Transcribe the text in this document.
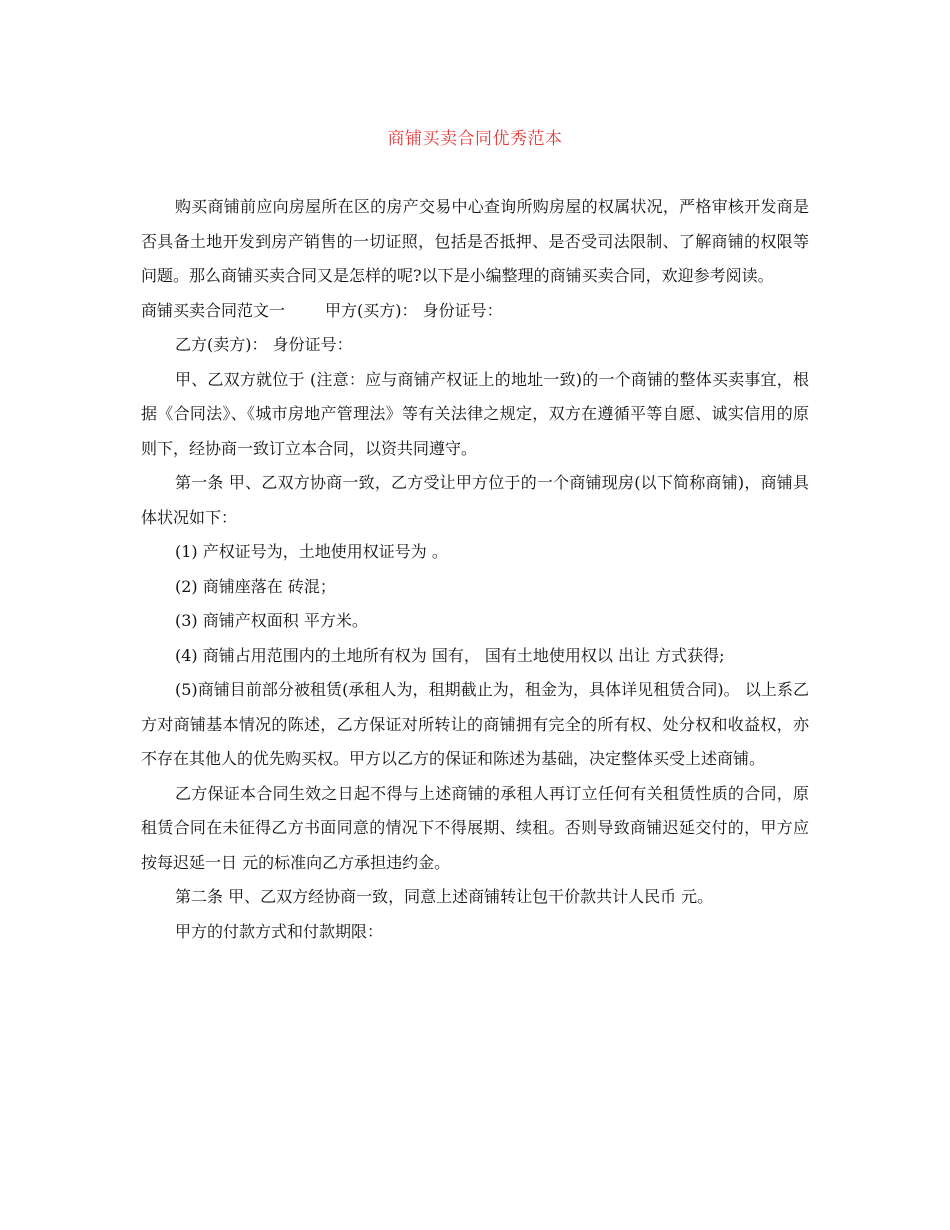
商铺买卖合同优秀范本

购买商铺前应向房屋所在区的房产交易中心查询所购房屋的权属状况，严格审核开发商是否具备土地开发到房产销售的一切证照，包括是否抵押、是否受司法限制、了解商铺的权限等问题。那么商铺买卖合同又是怎样的呢?以下是小编整理的商铺买卖合同，欢迎参考阅读。

商铺买卖合同范文一	甲方(买方)： 身份证号：

乙方(卖方)： 身份证号：

甲、乙双方就位于 (注意：应与商铺产权证上的地址一致)的一个商铺的整体买卖事宜，根据《合同法》、《城市房地产管理法》等有关法律之规定，双方在遵循平等自愿、诚实信用的原则下，经协商一致订立本合同，以资共同遵守。

第一条 甲、乙双方协商一致，乙方受让甲方位于的一个商铺现房(以下简称商铺)，商铺具体状况如下：

(1) 产权证号为，土地使用权证号为 。

(2) 商铺座落在 砖混；

(3) 商铺产权面积 平方米。

(4) 商铺占用范围内的土地所有权为 国有， 国有土地使用权以 出让 方式获得;

(5)商铺目前部分被租赁(承租人为，租期截止为，租金为，具体详见租赁合同)。 以上系乙方对商铺基本情况的陈述，乙方保证对所转让的商铺拥有完全的所有权、处分权和收益权，亦不存在其他人的优先购买权。甲方以乙方的保证和陈述为基础，决定整体买受上述商铺。

乙方保证本合同生效之日起不得与上述商铺的承租人再订立任何有关租赁性质的合同，原租赁合同在未征得乙方书面同意的情况下不得展期、续租。否则导致商铺迟延交付的，甲方应按每迟延一日 元的标准向乙方承担违约金。

第二条 甲、乙双方经协商一致，同意上述商铺转让包干价款共计人民币 元。

甲方的付款方式和付款期限：
